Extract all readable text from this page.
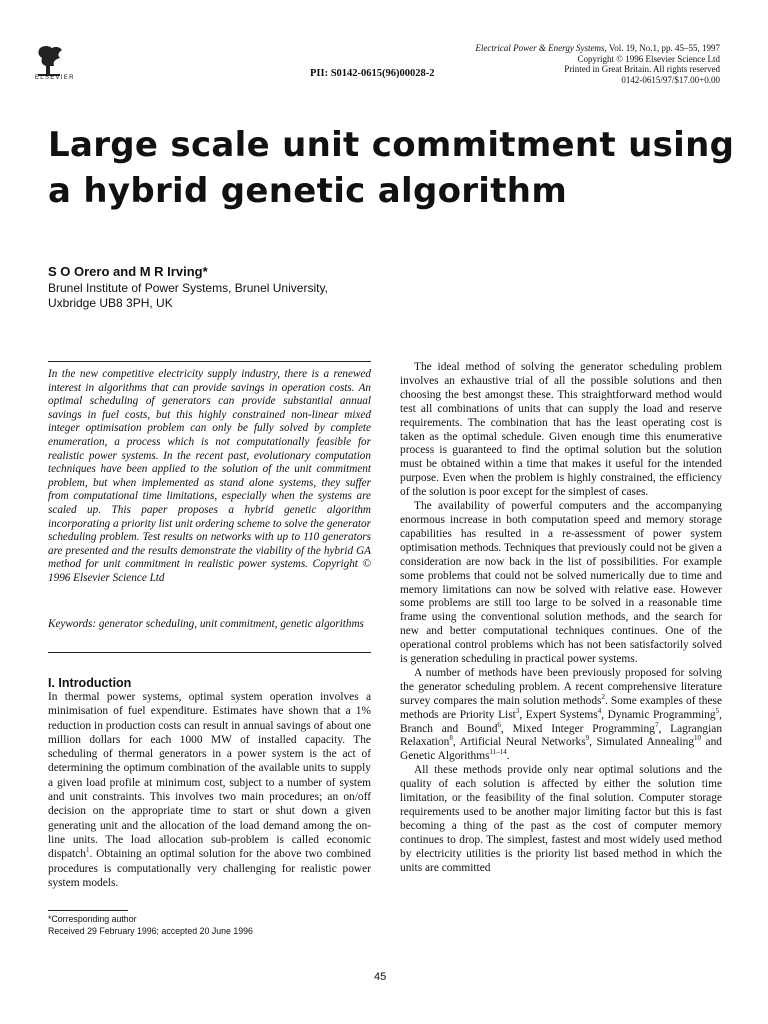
ELSEVIER	PII: S0142-0615(96)00028-2
Electrical Power & Energy Systems, Vol. 19, No.1, pp. 45–55, 1997
Copyright © 1996 Elsevier Science Ltd
Printed in Great Britain. All rights reserved
0142-0615/97/$17.00+0.00
Large scale unit commitment using
a hybrid genetic algorithm
S O Orero and M R Irving*
Brunel Institute of Power Systems, Brunel University,
Uxbridge UB8 3PH, UK
In the new competitive electricity supply industry, there is a renewed interest in algorithms that can provide savings in operation costs. An optimal scheduling of generators can provide substantial annual savings in fuel costs, but this highly constrained non-linear mixed integer optimisation problem can only be fully solved by complete enumeration, a process which is not computationally feasible for realistic power systems. In the recent past, evolutionary computation techniques have been applied to the solution of the unit commitment problem, but when implemented as stand alone systems, they suffer from computational time limitations, especially when the systems are scaled up. This paper proposes a hybrid genetic algorithm incorporating a priority list unit ordering scheme to solve the generator scheduling problem. Test results on networks with up to 110 generators are presented and the results demonstrate the viability of the hybrid GA method for unit commitment in realistic power systems. Copyright © 1996 Elsevier Science Ltd
Keywords: generator scheduling, unit commitment, genetic algorithms
I. Introduction
In thermal power systems, optimal system operation involves a minimisation of fuel expenditure. Estimates have shown that a 1% reduction in production costs can result in annual savings of about one million dollars for each 1000 MW of installed capacity. The scheduling of thermal generators in a power system is the act of determining the optimum combination of the available units to supply a given load profile at minimum cost, subject to a number of system and unit constraints. This involves two main procedures; an on/off decision on the appropriate time to start or shut down a given generating unit and the allocation of the load demand among the on-line units. The load allocation sub-problem is called economic dispatch$^1$. Obtaining an optimal solution for the above two combined procedures is computationally very challenging for realistic power system models.
*Corresponding author
Received 29 February 1996; accepted 20 June 1996

The ideal method of solving the generator scheduling problem involves an exhaustive trial of all the possible solutions and then choosing the best amongst these. This straightforward method would test all combinations of units that can supply the load and reserve requirements. The combination that has the least operating cost is taken as the optimal schedule. Given enough time this enumerative process is guaranteed to find the optimal solution but the solution must be obtained within a time that makes it useful for the intended purpose. Even when the problem is highly constrained, the efficiency of the solution is poor except for the simplest of cases.

The availability of powerful computers and the accompanying enormous increase in both computation speed and memory storage capabilities has resulted in a re-assessment of power system optimisation methods. Techniques that previously could not be given a consideration are now back in the list of possibilities. For example some problems that could not be solved numerically due to time and memory limitations can now be solved with relative ease. However some problems are still too large to be solved in a reasonable time frame using the conventional solution methods, and the search for new and better computational techniques continues. One of the operational control problems which has not been satisfactorily solved is generation scheduling in practical power systems.

A number of methods have been previously proposed for solving the generator scheduling problem. A recent comprehensive literature survey compares the main solution methods$^2$. Some examples of these methods are Priority List$^3$, Expert Systems$^4$, Dynamic Programming$^5$, Branch and Bound$^6$, Mixed Integer Programming$^7$, Lagrangian Relaxation$^8$, Artificial Neural Networks$^9$, Simulated Annealing$^{10}$ and Genetic Algorithms$^{11-14}$.

All these methods provide only near optimal solutions and the quality of each solution is affected by either the solution time limitation, or the feasibility of the final solution. Computer storage requirements used to be another major limiting factor but this is fast becoming a thing of the past as the cost of computer memory continues to drop. The simplest, fastest and most widely used method by electricity utilities is the priority list based method in which the units are committed

45
